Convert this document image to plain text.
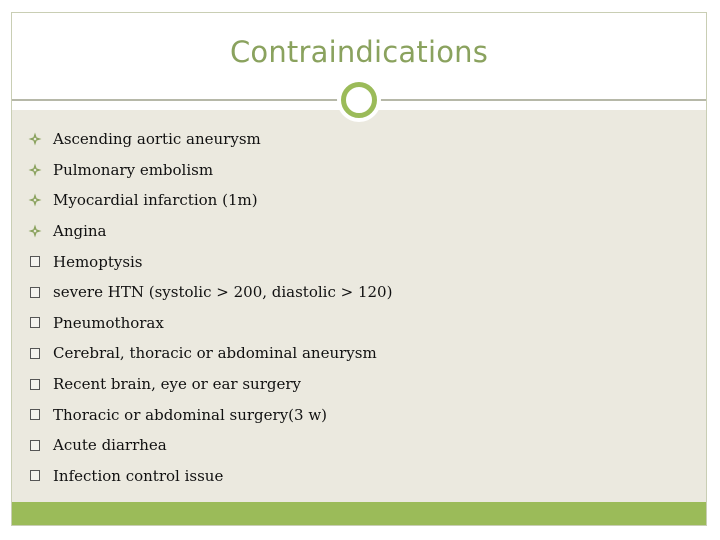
Contraindications
Ascending aortic aneurysm
Pulmonary embolism
Myocardial infarction (1m)
Angina
Hemoptysis
severe HTN (systolic > 200, diastolic > 120)
Pneumothorax
Cerebral, thoracic or abdominal aneurysm
Recent brain, eye or ear surgery
Thoracic or abdominal surgery(3 w)
Acute diarrhea
Infection control issue
